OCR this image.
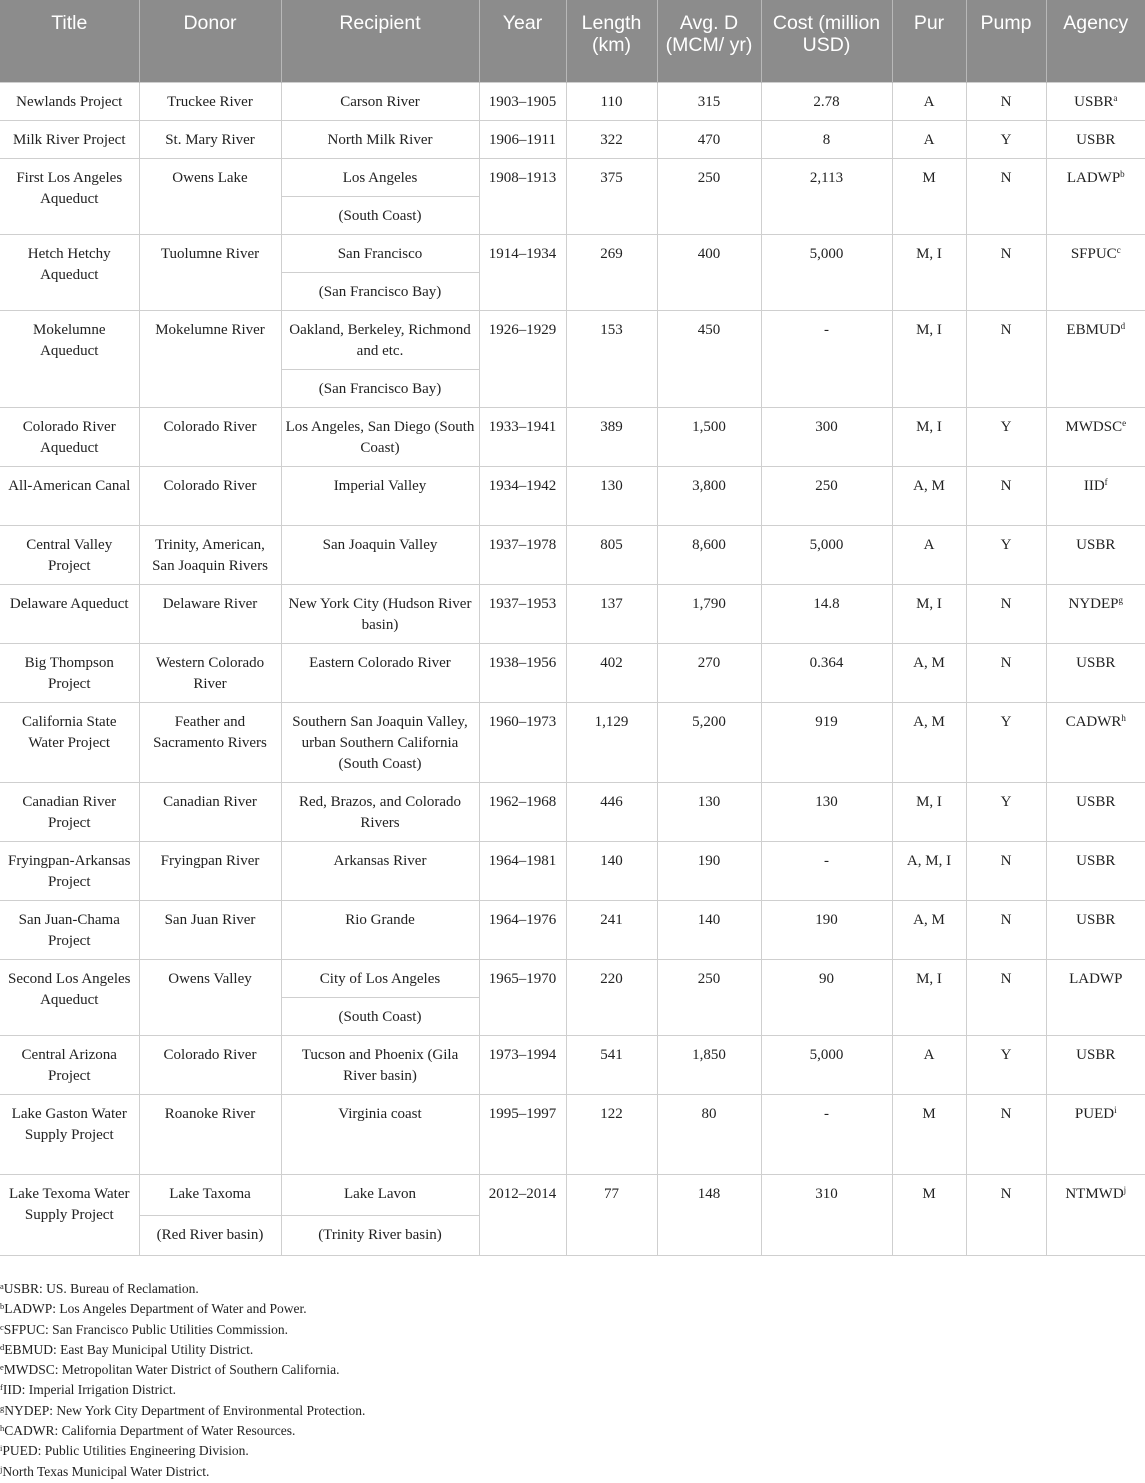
Title	Donor	Recipient	Year	Length (km)	Avg. D (MCM/ yr)	Cost (million USD)	Pur	Pump	Agency
Newlands Project	Truckee River	Carson River	1903–1905	110	315	2.78	A	N	USBR$^a$
Milk River Project	St. Mary River	North Milk River	1906–1911	322	470	8	A	Y	USBR
First Los Angeles Aqueduct	Owens Lake	Los Angeles	1908–1913	375	250	2,113	M	N	LADWP$^b$
		(South Coast)							
Hetch Hetchy Aqueduct	Tuolumne River	San Francisco	1914–1934	269	400	5,000	M, I	N	SFPUC$^c$
		(San Francisco Bay)							
Mokelumne Aqueduct	Mokelumne River	Oakland, Berkeley, Richmond and etc.	1926–1929	153	450	-	M, I	N	EBMUD$^d$
		(San Francisco Bay)							
Colorado River Aqueduct	Colorado River	Los Angeles, San Diego (South Coast)	1933–1941	389	1,500	300	M, I	Y	MWDSC$^e$
All-American Canal	Colorado River	Imperial Valley	1934–1942	130	3,800	250	A, M	N	IID$^f$
Central Valley Project	Trinity, American, San Joaquin Rivers	San Joaquin Valley	1937–1978	805	8,600	5,000	A	Y	USBR
Delaware Aqueduct	Delaware River	New York City (Hudson River basin)	1937–1953	137	1,790	14.8	M, I	N	NYDEP$^g$
Big Thompson Project	Western Colorado River	Eastern Colorado River	1938–1956	402	270	0.364	A, M	N	USBR
California State Water Project	Feather and Sacramento Rivers	Southern San Joaquin Valley, urban Southern California (South Coast)	1960–1973	1,129	5,200	919	A, M	Y	CADWR$^h$
Canadian River Project	Canadian River	Red, Brazos, and Colorado Rivers	1962–1968	446	130	130	M, I	Y	USBR
Fryingpan-Arkansas Project	Fryingpan River	Arkansas River	1964–1981	140	190	-	A, M, I	N	USBR
San Juan-Chama Project	San Juan River	Rio Grande	1964–1976	241	140	190	A, M	N	USBR
Second Los Angeles Aqueduct	Owens Valley	City of Los Angeles	1965–1970	220	250	90	M, I	N	LADWP
		(South Coast)							
Central Arizona Project	Colorado River	Tucson and Phoenix (Gila River basin)	1973–1994	541	1,850	5,000	A	Y	USBR
Lake Gaston Water Supply Project	Roanoke River	Virginia coast	1995–1997	122	80	-	M	N	PUED$^i$
Lake Texoma Water Supply Project	Lake Taxoma	Lake Lavon	2012–2014	77	148	310	M	N	NTMWD$^j$
	(Red River basin)	(Trinity River basin)							
$^a$USBR: US. Bureau of Reclamation.
$^b$LADWP: Los Angeles Department of Water and Power.
$^c$SFPUC: San Francisco Public Utilities Commission.
$^d$EBMUD: East Bay Municipal Utility District.
$^e$MWDSC: Metropolitan Water District of Southern California.
$^f$IID: Imperial Irrigation District.
$^g$NYDEP: New York City Department of Environmental Protection.
$^h$CADWR: California Department of Water Resources.
$^i$PUED: Public Utilities Engineering Division.
$^j$North Texas Municipal Water District.
